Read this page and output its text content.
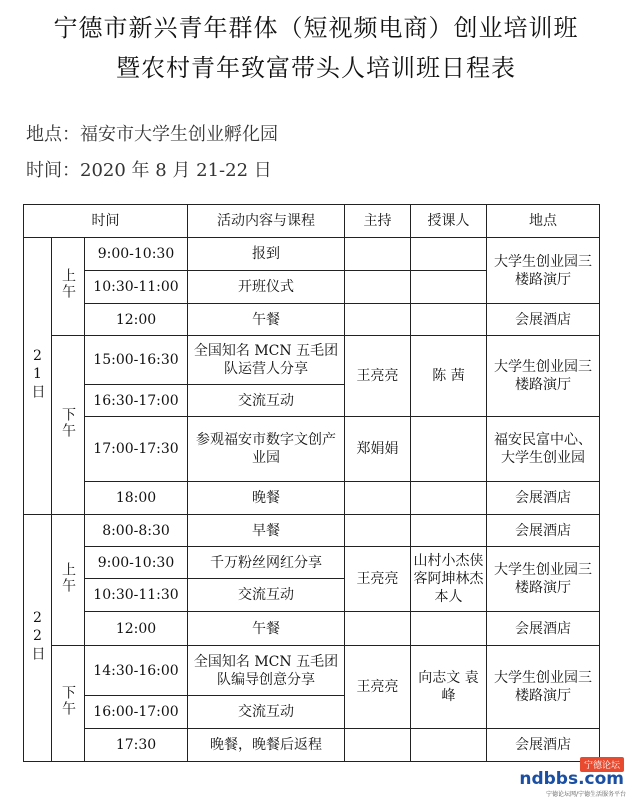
宁德市新兴青年群体（短视频电商）创业培训班
暨农村青年致富带头人培训班日程表
地点：福安市大学生创业孵化园
时间：2020 年 8 月 21-22 日
时间			活动内容与课程	主持	授课人	地点
21日	上午	9:00-10:30	报到			大学生创业园三楼路演厅
		10:30-11:00	开班仪式			
		12:00	午餐			会展酒店
	下午	15:00-16:30	全国知名 MCN 五毛团队运营人分享	王亮亮	陈 茜	大学生创业园三楼路演厅
		16:30-17:00	交流互动			
		17:00-17:30	参观福安市数字文创产业园	郑娟娟		福安民富中心、大学生创业园
		18:00	晚餐			会展酒店
22日	上午	8:00-8:30	早餐			会展酒店
		9:00-10:30	千万粉丝网红分享	王亮亮	山村小杰侠客阿坤林杰本人	大学生创业园三楼路演厅
		10:30-11:30	交流互动			
		12:00	午餐			会展酒店
	下午	14:30-16:00	全国知名 MCN 五毛团队编导创意分享	王亮亮	向志文 袁 峰	大学生创业园三楼路演厅
		16:00-17:00	交流互动			
		17:30	晚餐，晚餐后返程			会展酒店
宁德论坛
ndbbs.com
宁德论坛网/宁德生活服务平台
